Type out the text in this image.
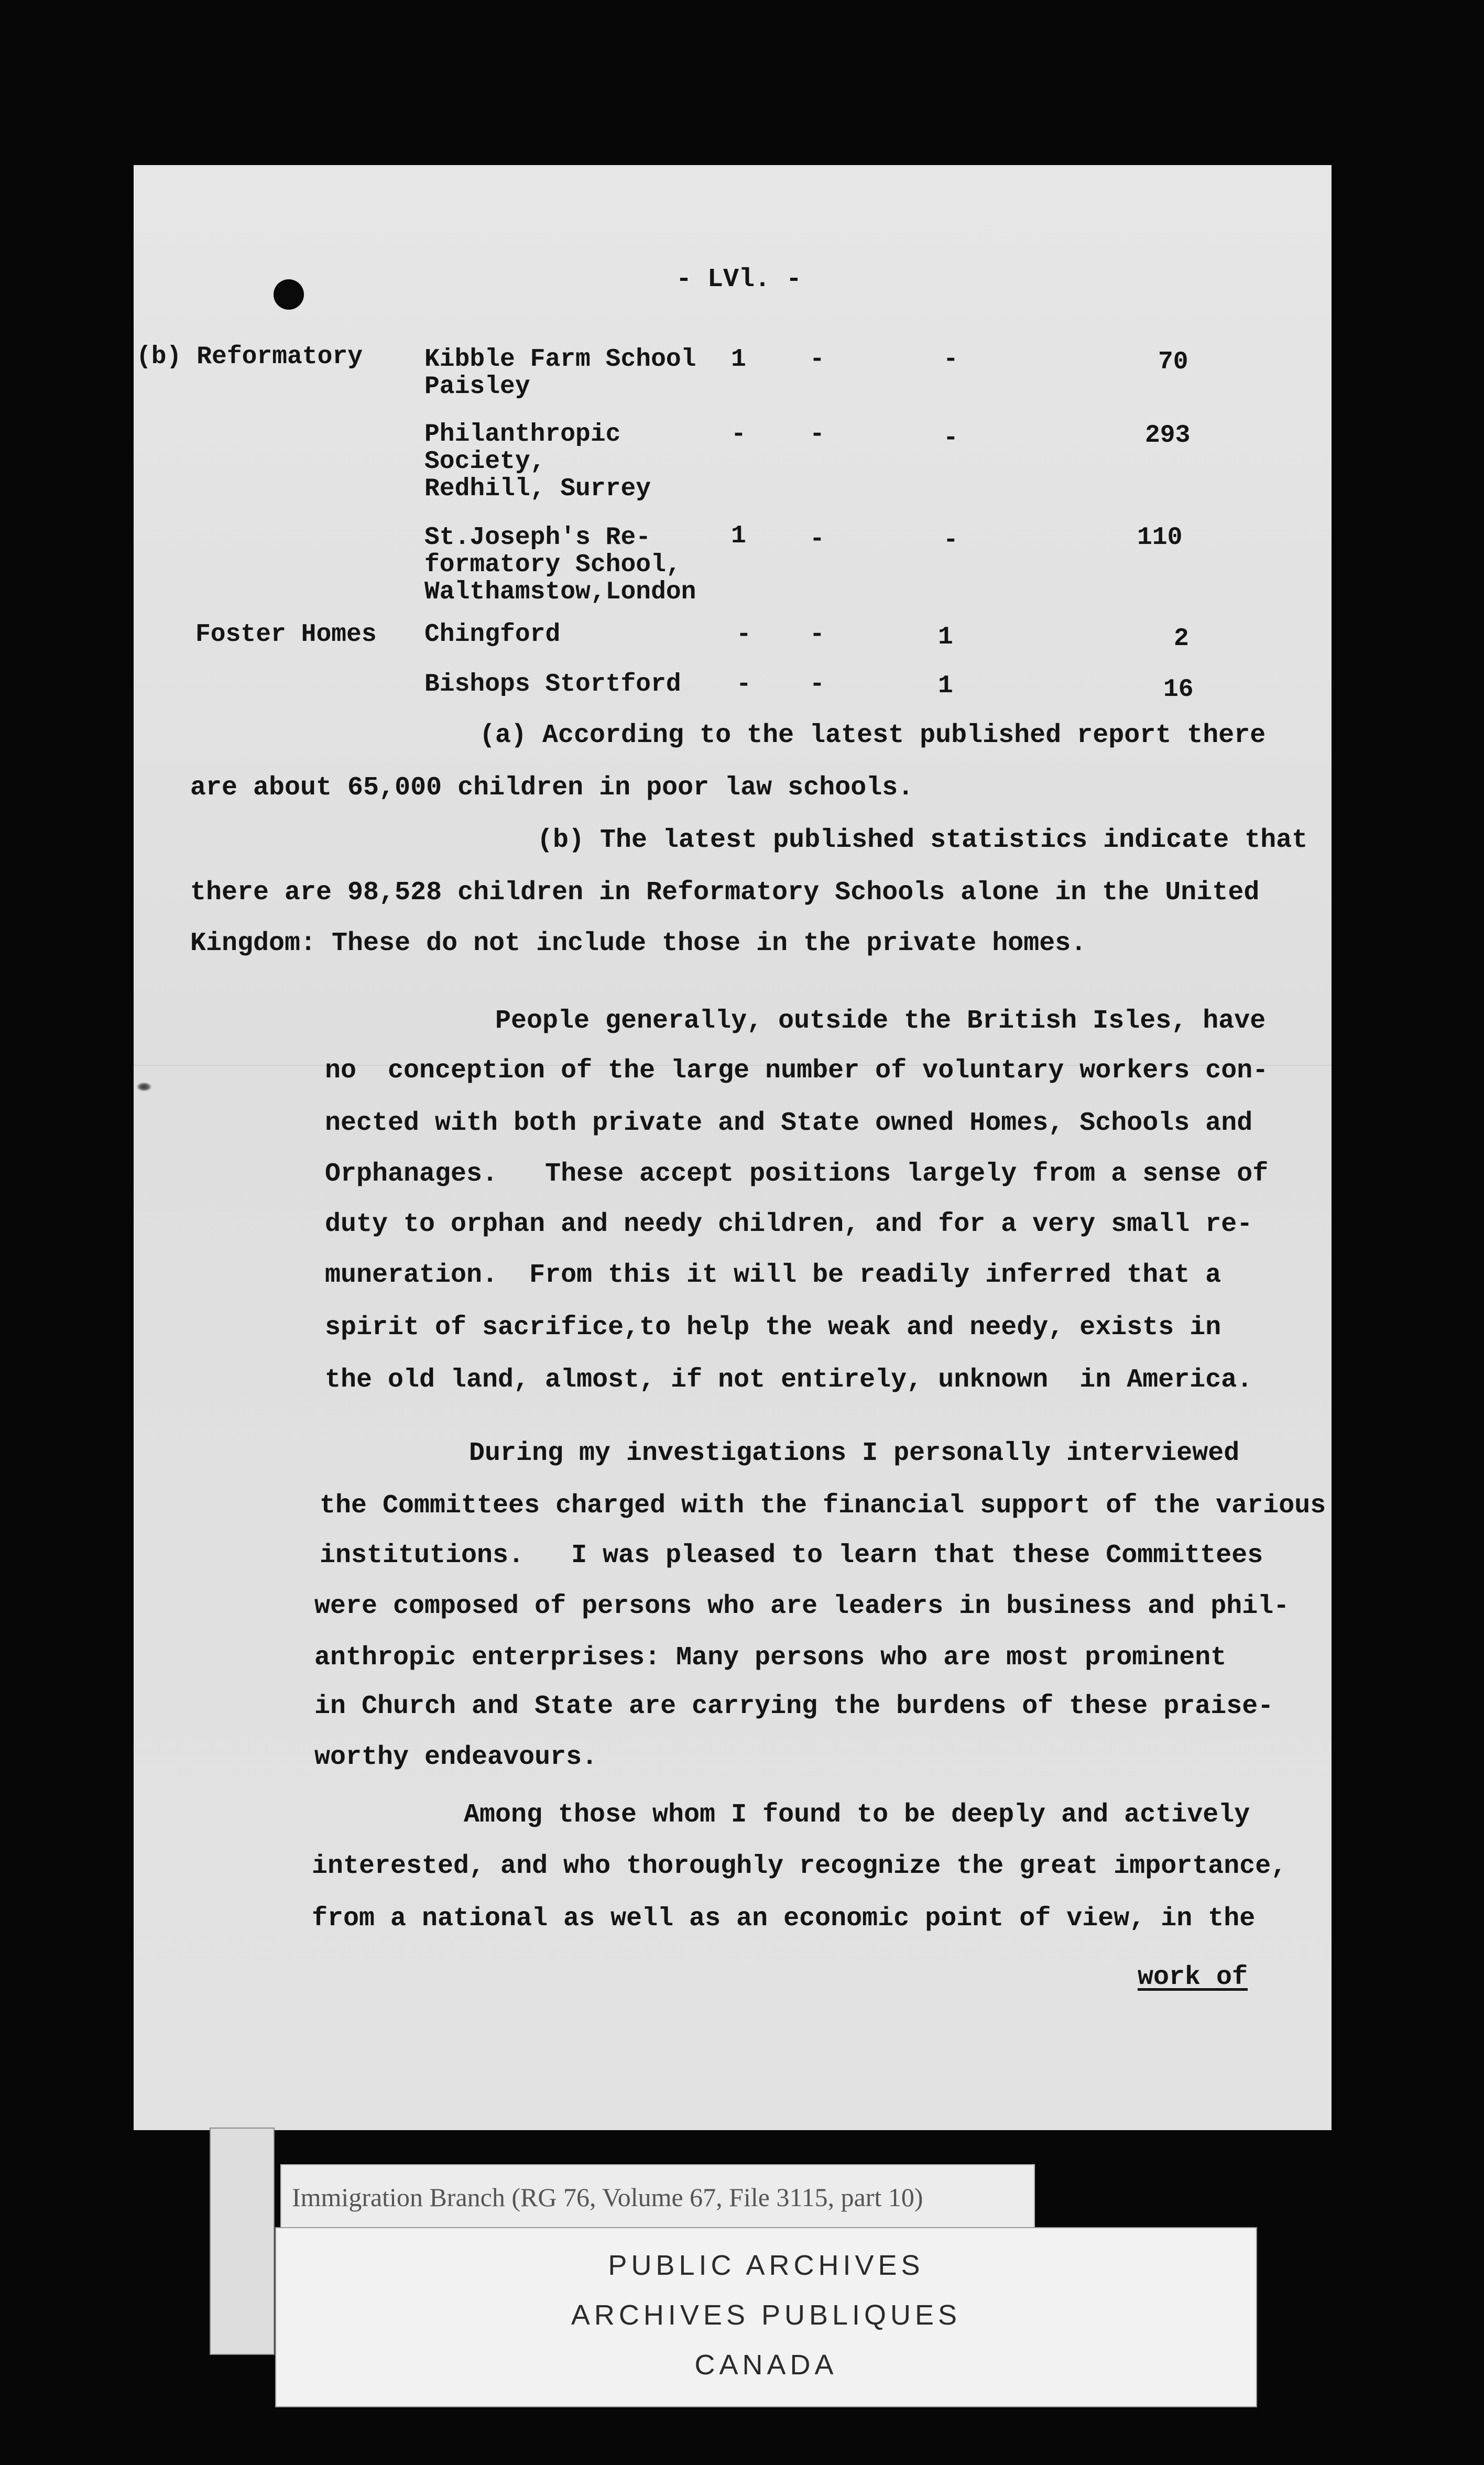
- LVl. -
(b) Reformatory Kibble Farm School
Paisley
1	-	-	70
Philanthropic
Society,
Redhill, Surrey
-	-	-	293
St.Joseph's Re-
formatory School,
Walthamstow,London
1	-	-	110
Foster Homes Chingford	- -	1	2
Bishops Stortford - -	1	16
(a) According to the latest published report there
are about 65,000 children in poor law schools.
(b) The latest published statistics indicate that
there are 98,528 children in Reformatory Schools alone in the United
Kingdom: These do not include those in the private homes.
People generally, outside the British Isles, have
no  conception of the large number of voluntary workers con-
nected with both private and State owned Homes, Schools and
Orphanages.   These accept positions largely from a sense of
duty to orphan and needy children, and for a very small re-
muneration.  From this it will be readily inferred that a
spirit of sacrifice,to help the weak and needy, exists in
the old land, almost, if not entirely, unknown  in America.
During my investigations I personally interviewed
the Committees charged with the financial support of the various
institutions.   I was pleased to learn that these Committees
were composed of persons who are leaders in business and phil-
anthropic enterprises: Many persons who are most prominent
in Church and State are carrying the burdens of these praise-
worthy endeavours.
Among those whom I found to be deeply and actively
interested, and who thoroughly recognize the great importance,
from a national as well as an economic point of view, in the
work of
Immigration Branch (RG 76, Volume 67, File 3115, part 10)
PUBLIC ARCHIVES
ARCHIVES PUBLIQUES
CANADA
